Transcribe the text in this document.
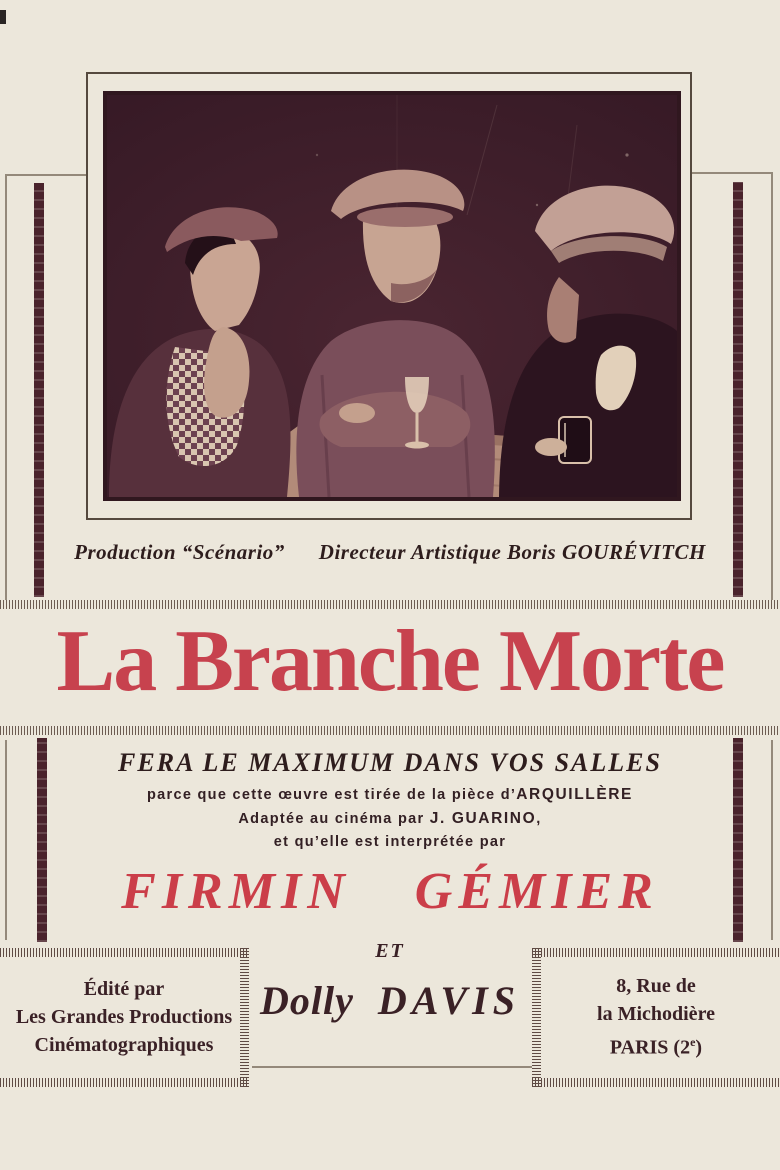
Production “Scénario” Directeur Artistique Boris GOURÉVITCH
La Branche Morte
FERA LE MAXIMUM DANS VOS SALLES
parce que cette œuvre est tirée de la pièce d’ARQUILLÈRE
Adaptée au cinéma par J. GUARINO,
et qu’elle est interprétée par
FIRMIN GÉMIER
ET
Dolly DAVIS
Édité par
Les Grandes Productions
Cinématographiques
8, Rue de
la Michodière
PARIS (2e)
